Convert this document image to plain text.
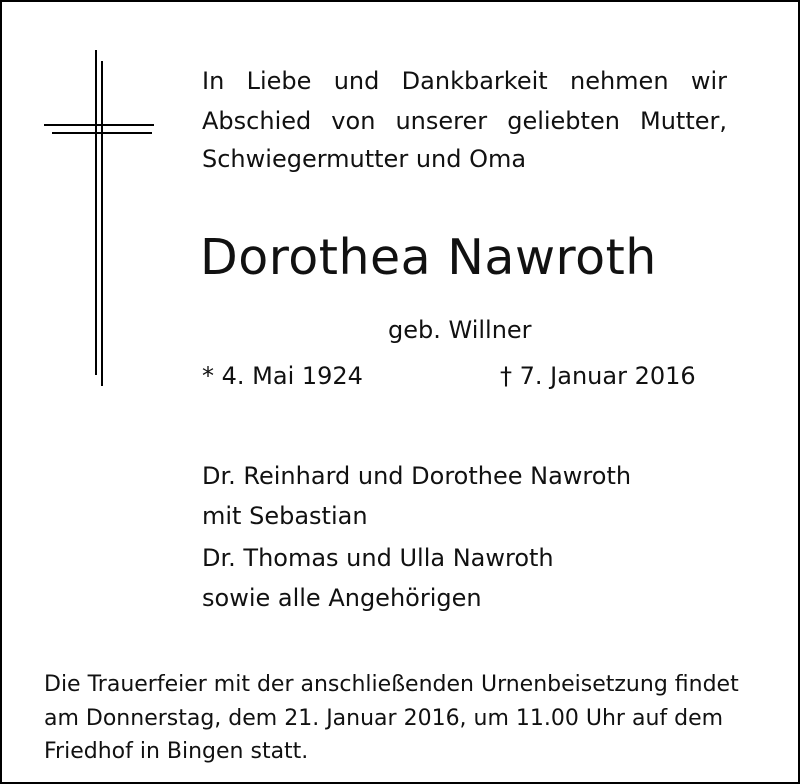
In Liebe und Dankbarkeit nehmen wir
Abschied von unserer geliebten Mutter,
Schwiegermutter und Oma
Dorothea Nawroth
geb. Willner
* 4. Mai 1924	† 7. Januar 2016
Dr. Reinhard und Dorothee Nawroth
mit Sebastian
Dr. Thomas und Ulla Nawroth
sowie alle Angehörigen
Die Trauerfeier mit der anschließenden Urnenbeisetzung findet
am Donnerstag, dem 21. Januar 2016, um 11.00 Uhr auf dem
Friedhof in Bingen statt.
